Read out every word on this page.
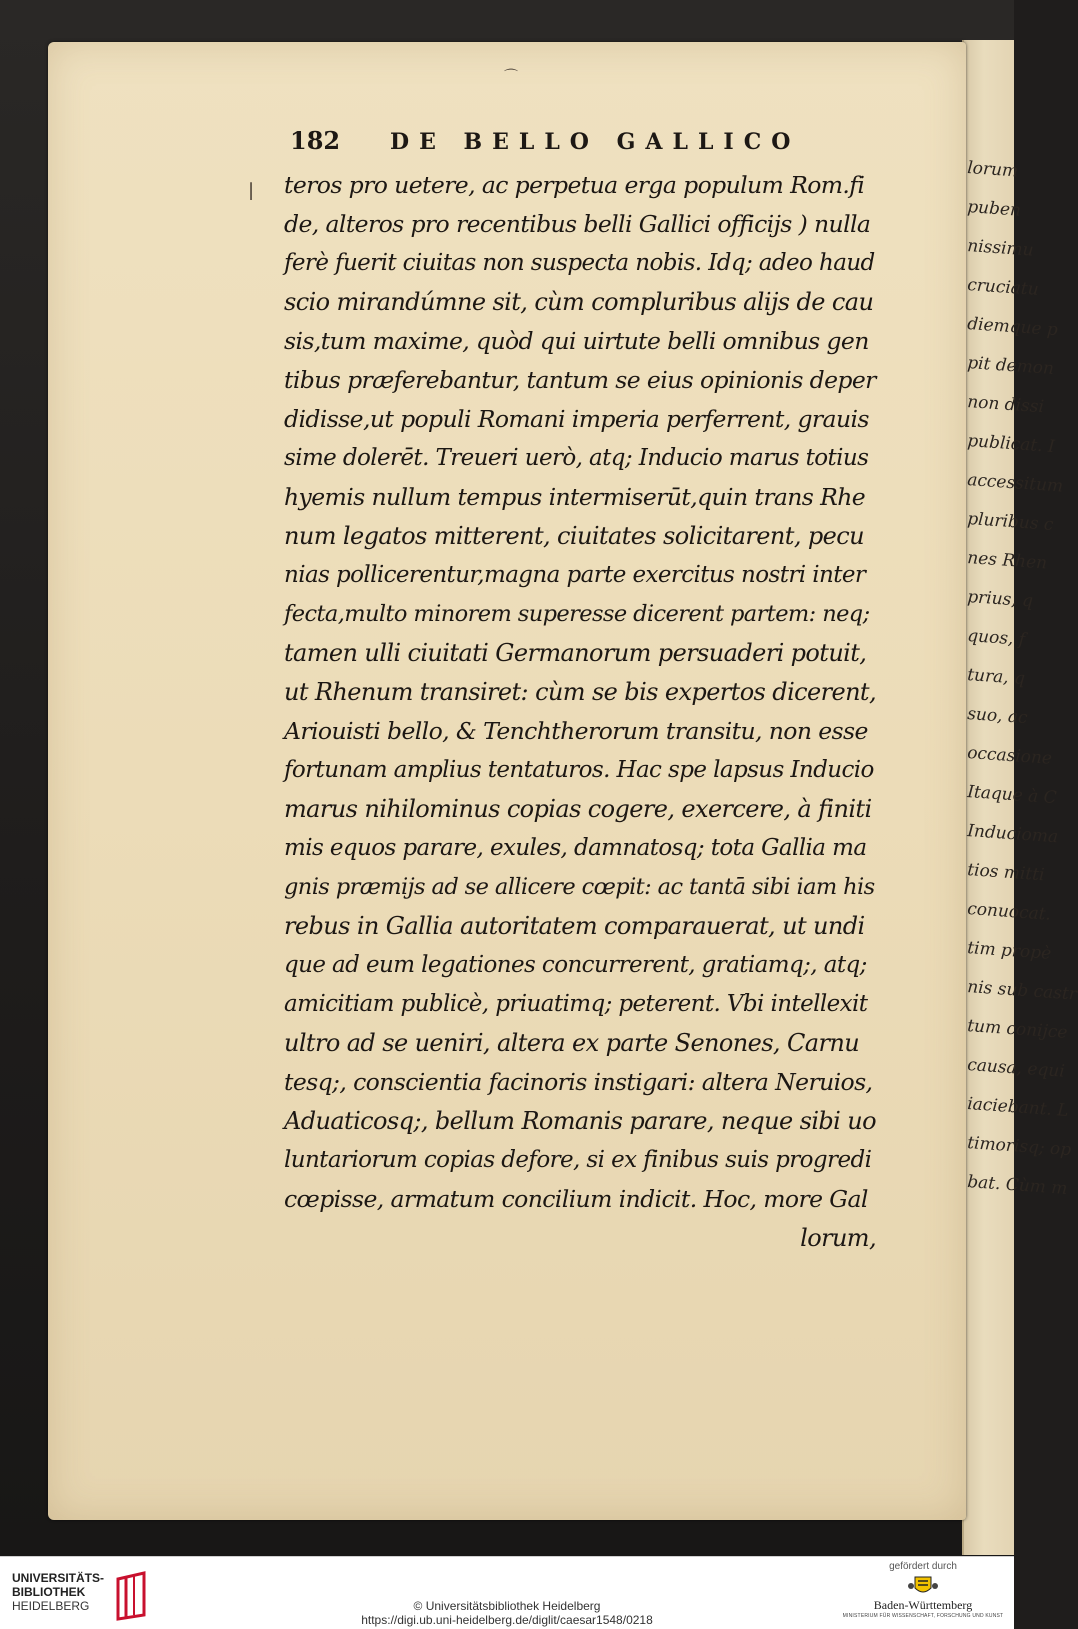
lorum
puben
nissimu
cruciatu
diemque p
pit demon
non dissi
publicat. I
accessitum
pluribus c
nes Rhen
prius, q
quos, f
tura, q
suo, ac
occasione
Itaque à C
Inducioma
tios mitti
conuocat.
tim propè
nis sub castr
tum conijce
causa, equi
iaciebant. L
timorisq; op
bat. Cùm m
182	DE BELLO GALLICO
|
⌒
teros pro uetere, ac perpetua erga populum Rom.fi
de, alteros pro recentibus belli Gallici officijs ) nulla
ferè fuerit ciuitas non suspecta nobis. Idq; adeo haud
scio mirandúmne sit, cùm compluribus alijs de cau
sis,tum maxime, quòd qui uirtute belli omnibus gen
tibus præferebantur, tantum se eius opinionis deper
didisse,ut populi Romani imperia perferrent, grauis
sime dolerēt. Treueri uerò, atq; Inducio marus totius
hyemis nullum tempus intermiserūt,quin trans Rhe
num legatos mitterent, ciuitates solicitarent, pecu
nias pollicerentur,magna parte exercitus nostri inter
fecta,multo minorem superesse dicerent partem: neq;
tamen ulli ciuitati Germanorum persuaderi potuit,
ut Rhenum transiret: cùm se bis expertos dicerent,
Ariouisti bello, & Tenchtherorum transitu, non esse
fortunam amplius tentaturos. Hac spe lapsus Inducio
marus nihilominus copias cogere, exercere, à finiti
mis equos parare, exules, damnatosq; tota Gallia ma
gnis præmijs ad se allicere cœpit: ac tantā sibi iam his
rebus in Gallia autoritatem comparauerat, ut undi
que ad eum legationes concurrerent, gratiamq;, atq;
amicitiam publicè, priuatimq; peterent. Vbi intellexit
ultro ad se ueniri, altera ex parte Senones, Carnu
tesq;, conscientia facinoris instigari: altera Neruios,
Aduaticosq;, bellum Romanis parare, neque sibi uo
luntariorum copias defore, si ex finibus suis progredi
cœpisse, armatum concilium indicit. Hoc, more Gal
lorum,
UNIVERSITÄTS-
BIBLIOTHEK
HEIDELBERG	© Universitätsbibliothek Heidelberg
https://digi.ub.uni-heidelberg.de/diglit/caesar1548/0218
gefördert durch
Baden-Württemberg
MINISTERIUM FÜR WISSENSCHAFT, FORSCHUNG UND KUNST
